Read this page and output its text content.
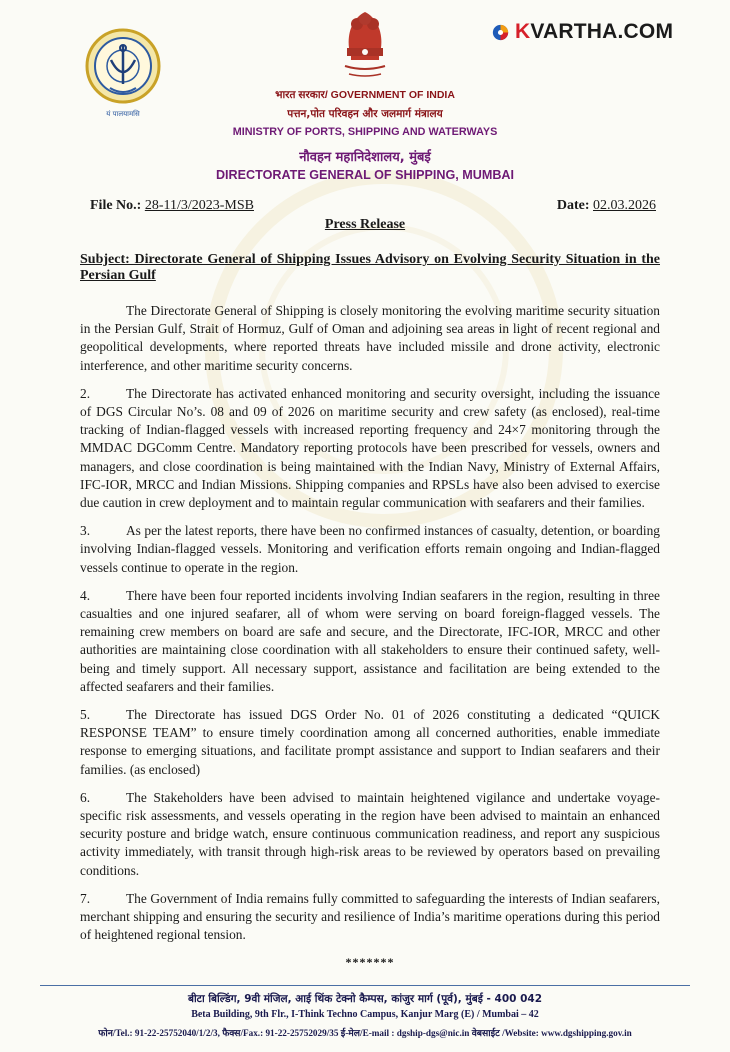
यं पालयामसि
KVARTHA.COM
भारत सरकार/ GOVERNMENT OF INDIA
पत्तन,पोत परिवहन और जलमार्ग मंत्रालय
MINISTRY OF PORTS, SHIPPING AND WATERWAYS
नौवहन महानिदेशालय, मुंबई
DIRECTORATE GENERAL OF SHIPPING, MUMBAI
File No.: 28-11/3/2023-MSB	Date: 02.03.2026
Press Release
Subject: Directorate General of Shipping Issues Advisory on Evolving Security Situation in the Persian Gulf

The Directorate General of Shipping is closely monitoring the evolving maritime security situation in the Persian Gulf, Strait of Hormuz, Gulf of Oman and adjoining sea areas in light of recent regional and geopolitical developments, where reported threats have included missile and drone activity, electronic interference, and other maritime security concerns.

2.	The Directorate has activated enhanced monitoring and security oversight, including the issuance of DGS Circular No’s. 08 and 09 of 2026 on maritime security and crew safety (as enclosed), real-time tracking of Indian-flagged vessels with increased reporting frequency and 24×7 monitoring through the MMDAC DGComm Centre. Mandatory reporting protocols have been prescribed for vessels, owners and managers, and close coordination is being maintained with the Indian Navy, Ministry of External Affairs, IFC-IOR, MRCC and Indian Missions. Shipping companies and RPSLs have also been advised to exercise due caution in crew deployment and to maintain regular communication with seafarers and their families.

3.	As per the latest reports, there have been no confirmed instances of casualty, detention, or boarding involving Indian-flagged vessels. Monitoring and verification efforts remain ongoing and Indian-flagged vessels continue to operate in the region.

4.	There have been four reported incidents involving Indian seafarers in the region, resulting in three casualties and one injured seafarer, all of whom were serving on board foreign-flagged vessels. The remaining crew members on board are safe and secure, and the Directorate, IFC-IOR, MRCC and other authorities are maintaining close coordination with all stakeholders to ensure their continued safety, well-being and timely support. All necessary support, assistance and facilitation are being extended to the affected seafarers and their families.

5.	The Directorate has issued DGS Order No. 01 of 2026 constituting a dedicated “QUICK RESPONSE TEAM” to ensure timely coordination among all concerned authorities, enable immediate response to emerging situations, and facilitate prompt assistance and support to Indian seafarers and their families. (as enclosed)

6.	The Stakeholders have been advised to maintain heightened vigilance and undertake voyage-specific risk assessments, and vessels operating in the region have been advised to maintain an enhanced security posture and bridge watch, ensure continuous communication readiness, and report any suspicious activity immediately, with transit through high-risk areas to be reviewed by operators based on prevailing conditions.

7.	The Government of India remains fully committed to safeguarding the interests of Indian seafarers, merchant shipping and ensuring the security and resilience of India’s maritime operations during this period of heightened regional tension.

*******
बीटा बिल्डिंग, 9वी मंजिल, आई थिंक टेक्नो कैम्पस, कांजुर मार्ग (पूर्व), मुंबई - 400 042
Beta Building, 9th Flr., I-Think Techno Campus, Kanjur Marg (E) / Mumbai – 42
फोन/Tel.: 91-22-25752040/1/2/3, फैक्स/Fax.: 91-22-25752029/35 ई-मेल/E-mail : dgship-dgs@nic.in वेबसाईट /Website: www.dgshipping.gov.in
